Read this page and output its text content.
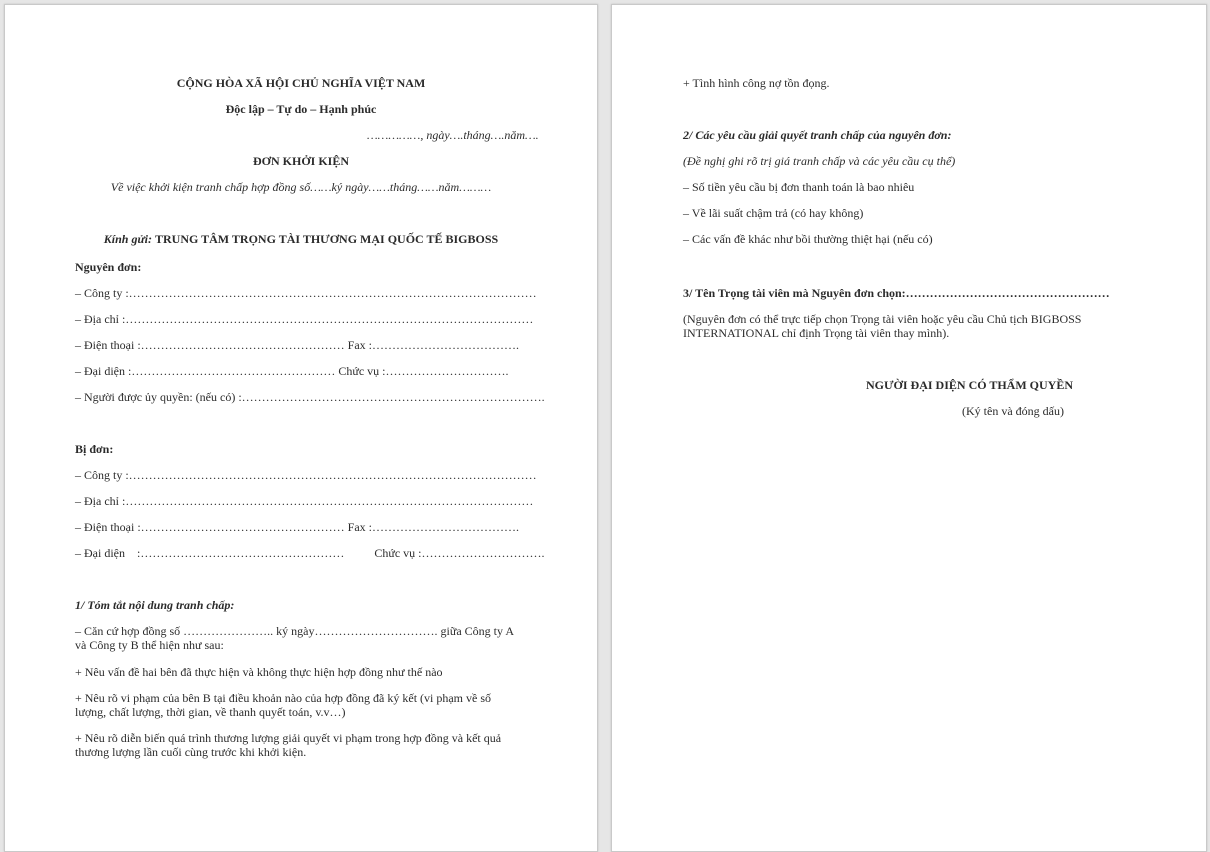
CỘNG HÒA XÃ HỘI CHỦ NGHĨA VIỆT NAM
Độc lập – Tự do – Hạnh phúc
……………, ngày….tháng….năm….
ĐƠN KHỞI KIỆN
Về việc khởi kiện tranh chấp hợp đồng số……ký ngày……tháng……năm………
Kính gửi: TRUNG TÂM TRỌNG TÀI THƯƠNG MẠI QUỐC TẾ BIGBOSS
Nguyên đơn:
– Công ty :…………………………………………………………………………………………
– Địa chỉ :…………………………………………………………………………………………
– Điện thoại :…………………………………………… Fax :……………………………….
– Đại diện :…………………………………………… Chức vụ :………………………….
– Người được ủy quyền: (nếu có) :………………………………………………………………….
Bị đơn:
– Công ty :…………………………………………………………………………………………
– Địa chỉ :…………………………………………………………………………………………
– Điện thoại :…………………………………………… Fax :……………………………….
– Đại diện    :……………………………………………          Chức vụ :………………………….
1/ Tóm tắt nội dung tranh chấp:
– Căn cứ hợp đồng số ………………….. ký ngày…………………………. giữa Công ty A và Công ty B thể hiện như sau:
+ Nêu vấn đề hai bên đã thực hiện và không thực hiện hợp đồng như thế nào
+ Nêu rõ vi phạm của bên B tại điều khoản nào của hợp đồng đã ký kết (vi phạm về số lượng, chất lượng, thời gian, về thanh quyết toán, v.v…)
+ Nêu rõ diễn biến quá trình thương lượng giải quyết vi phạm trong hợp đồng và kết quả thương lượng lần cuối cùng trước khi khởi kiện.
+ Tình hình công nợ tồn đọng.
2/ Các yêu cầu giải quyết tranh chấp của nguyên đơn:
(Đề nghị ghi rõ trị giá tranh chấp và các yêu cầu cụ thể)
– Số tiền yêu cầu bị đơn thanh toán là bao nhiêu
– Về lãi suất chậm trả (có hay không)
– Các vấn đề khác như bồi thường thiệt hại (nếu có)
3/ Tên Trọng tài viên mà Nguyên đơn chọn:……………………………………………
(Nguyên đơn có thể trực tiếp chọn Trọng tài viên hoặc yêu cầu Chủ tịch BIGBOSS INTERNATIONAL chỉ định Trọng tài viên thay mình).
NGƯỜI ĐẠI DIỆN CÓ THẨM QUYỀN
(Ký tên và đóng dấu)
